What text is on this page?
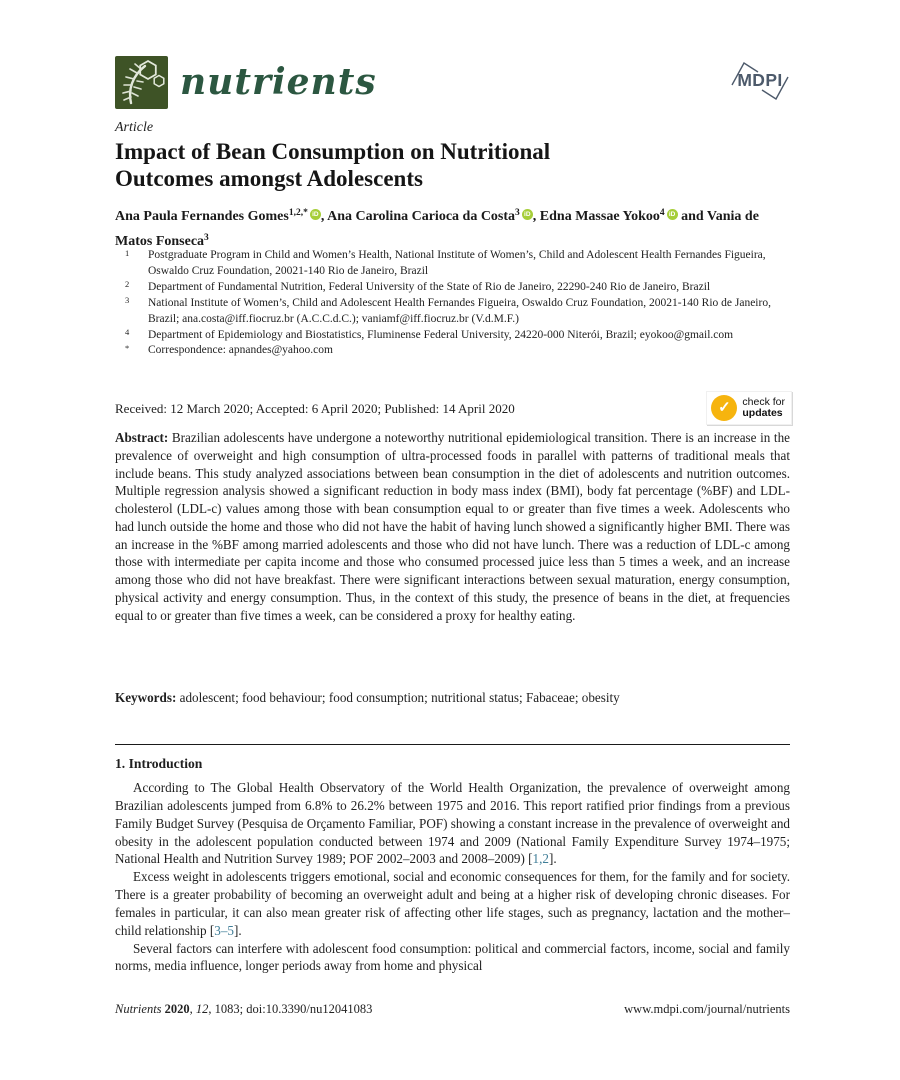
nutrients	MDPI
Article
Impact of Bean Consumption on Nutritional
Outcomes amongst Adolescents
Ana Paula Fernandes Gomes$^{1,2,*}$ iD , Ana Carolina Carioca da Costa$^3$ iD , Edna Massae Yokoo$^4$ iD and Vania de Matos Fonseca$^3$
1 Postgraduate Program in Child and Women’s Health, National Institute of Women’s, Child and Adolescent Health Fernandes Figueira, Oswaldo Cruz Foundation, 20021-140 Rio de Janeiro, Brazil
2 Department of Fundamental Nutrition, Federal University of the State of Rio de Janeiro, 22290-240 Rio de Janeiro, Brazil
3 National Institute of Women’s, Child and Adolescent Health Fernandes Figueira, Oswaldo Cruz Foundation, 20021-140 Rio de Janeiro, Brazil; ana.costa@iff.fiocruz.br (A.C.C.d.C.); vaniamf@iff.fiocruz.br (V.d.M.F.)
4 Department of Epidemiology and Biostatistics, Fluminense Federal University, 24220-000 Niterói, Brazil; eyokoo@gmail.com
* Correspondence: apnandes@yahoo.com
Received: 12 March 2020; Accepted: 6 April 2020; Published: 14 April 2020	✓	check for
updates
Abstract: Brazilian adolescents have undergone a noteworthy nutritional epidemiological transition. There is an increase in the prevalence of overweight and high consumption of ultra-processed foods in parallel with patterns of traditional meals that include beans. This study analyzed associations between bean consumption in the diet of adolescents and nutrition outcomes. Multiple regression analysis showed a significant reduction in body mass index (BMI), body fat percentage (%BF) and LDL-cholesterol (LDL-c) values among those with bean consumption equal to or greater than five times a week. Adolescents who had lunch outside the home and those who did not have the habit of having lunch showed a significantly higher BMI. There was an increase in the %BF among married adolescents and those who did not have lunch. There was a reduction of LDL-c among those with intermediate per capita income and those who consumed processed juice less than 5 times a week, and an increase among those who did not have breakfast. There were significant interactions between sexual maturation, energy consumption, physical activity and energy consumption. Thus, in the context of this study, the presence of beans in the diet, at frequencies equal to or greater than five times a week, can be considered a proxy for healthy eating.
Keywords: adolescent; food behaviour; food consumption; nutritional status; Fabaceae; obesity
1. Introduction

According to The Global Health Observatory of the World Health Organization, the prevalence of overweight among Brazilian adolescents jumped from 6.8% to 26.2% between 1975 and 2016. This report ratified prior findings from a previous Family Budget Survey (Pesquisa de Orçamento Familiar, POF) showing a constant increase in the prevalence of overweight and obesity in the adolescent population conducted between 1974 and 2009 (National Family Expenditure Survey 1974–1975; National Health and Nutrition Survey 1989; POF 2002–2003 and 2008–2009) [1,2].

Excess weight in adolescents triggers emotional, social and economic consequences for them, for the family and for society. There is a greater probability of becoming an overweight adult and being at a higher risk of developing chronic diseases. For females in particular, it can also mean greater risk of affecting other life stages, such as pregnancy, lactation and the mother–child relationship [3–5].

Several factors can interfere with adolescent food consumption: political and commercial factors, income, social and family norms, media influence, longer periods away from home and physical

Nutrients 2020, 12, 1083; doi:10.3390/nu12041083	www.mdpi.com/journal/nutrients
